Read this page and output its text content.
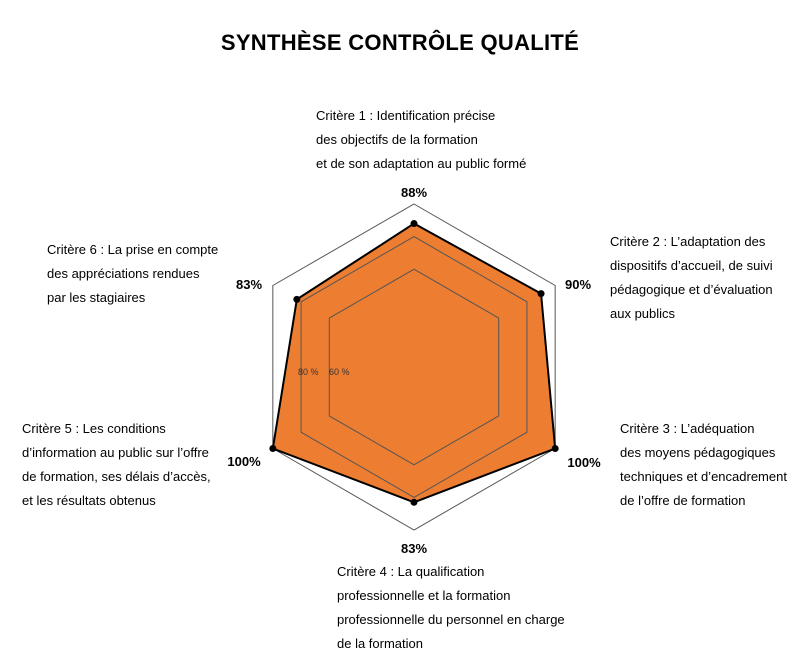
SYNTHÈSE CONTRÔLE QUALITÉ
Critère 1 : Identification précise
des objectifs de la formation
et de son adaptation au public formé
Critère 2 : L’adaptation des
dispositifs d’accueil, de suivi
pédagogique et d’évaluation
aux publics
Critère 3 : L’adéquation
des moyens pédagogiques
techniques et d’encadrement
de l’offre de formation
Critère 4 : La qualification
professionnelle et la formation
professionnelle du personnel en charge
de la formation
Critère 5 : Les conditions
d’information au public sur l’offre
de formation, ses délais d’accès,
et les résultats obtenus
Critère 6 : La prise en compte
des appréciations rendues
par les stagiaires
80 % 60 %
88%
90%
100%
83%
100%
83%
